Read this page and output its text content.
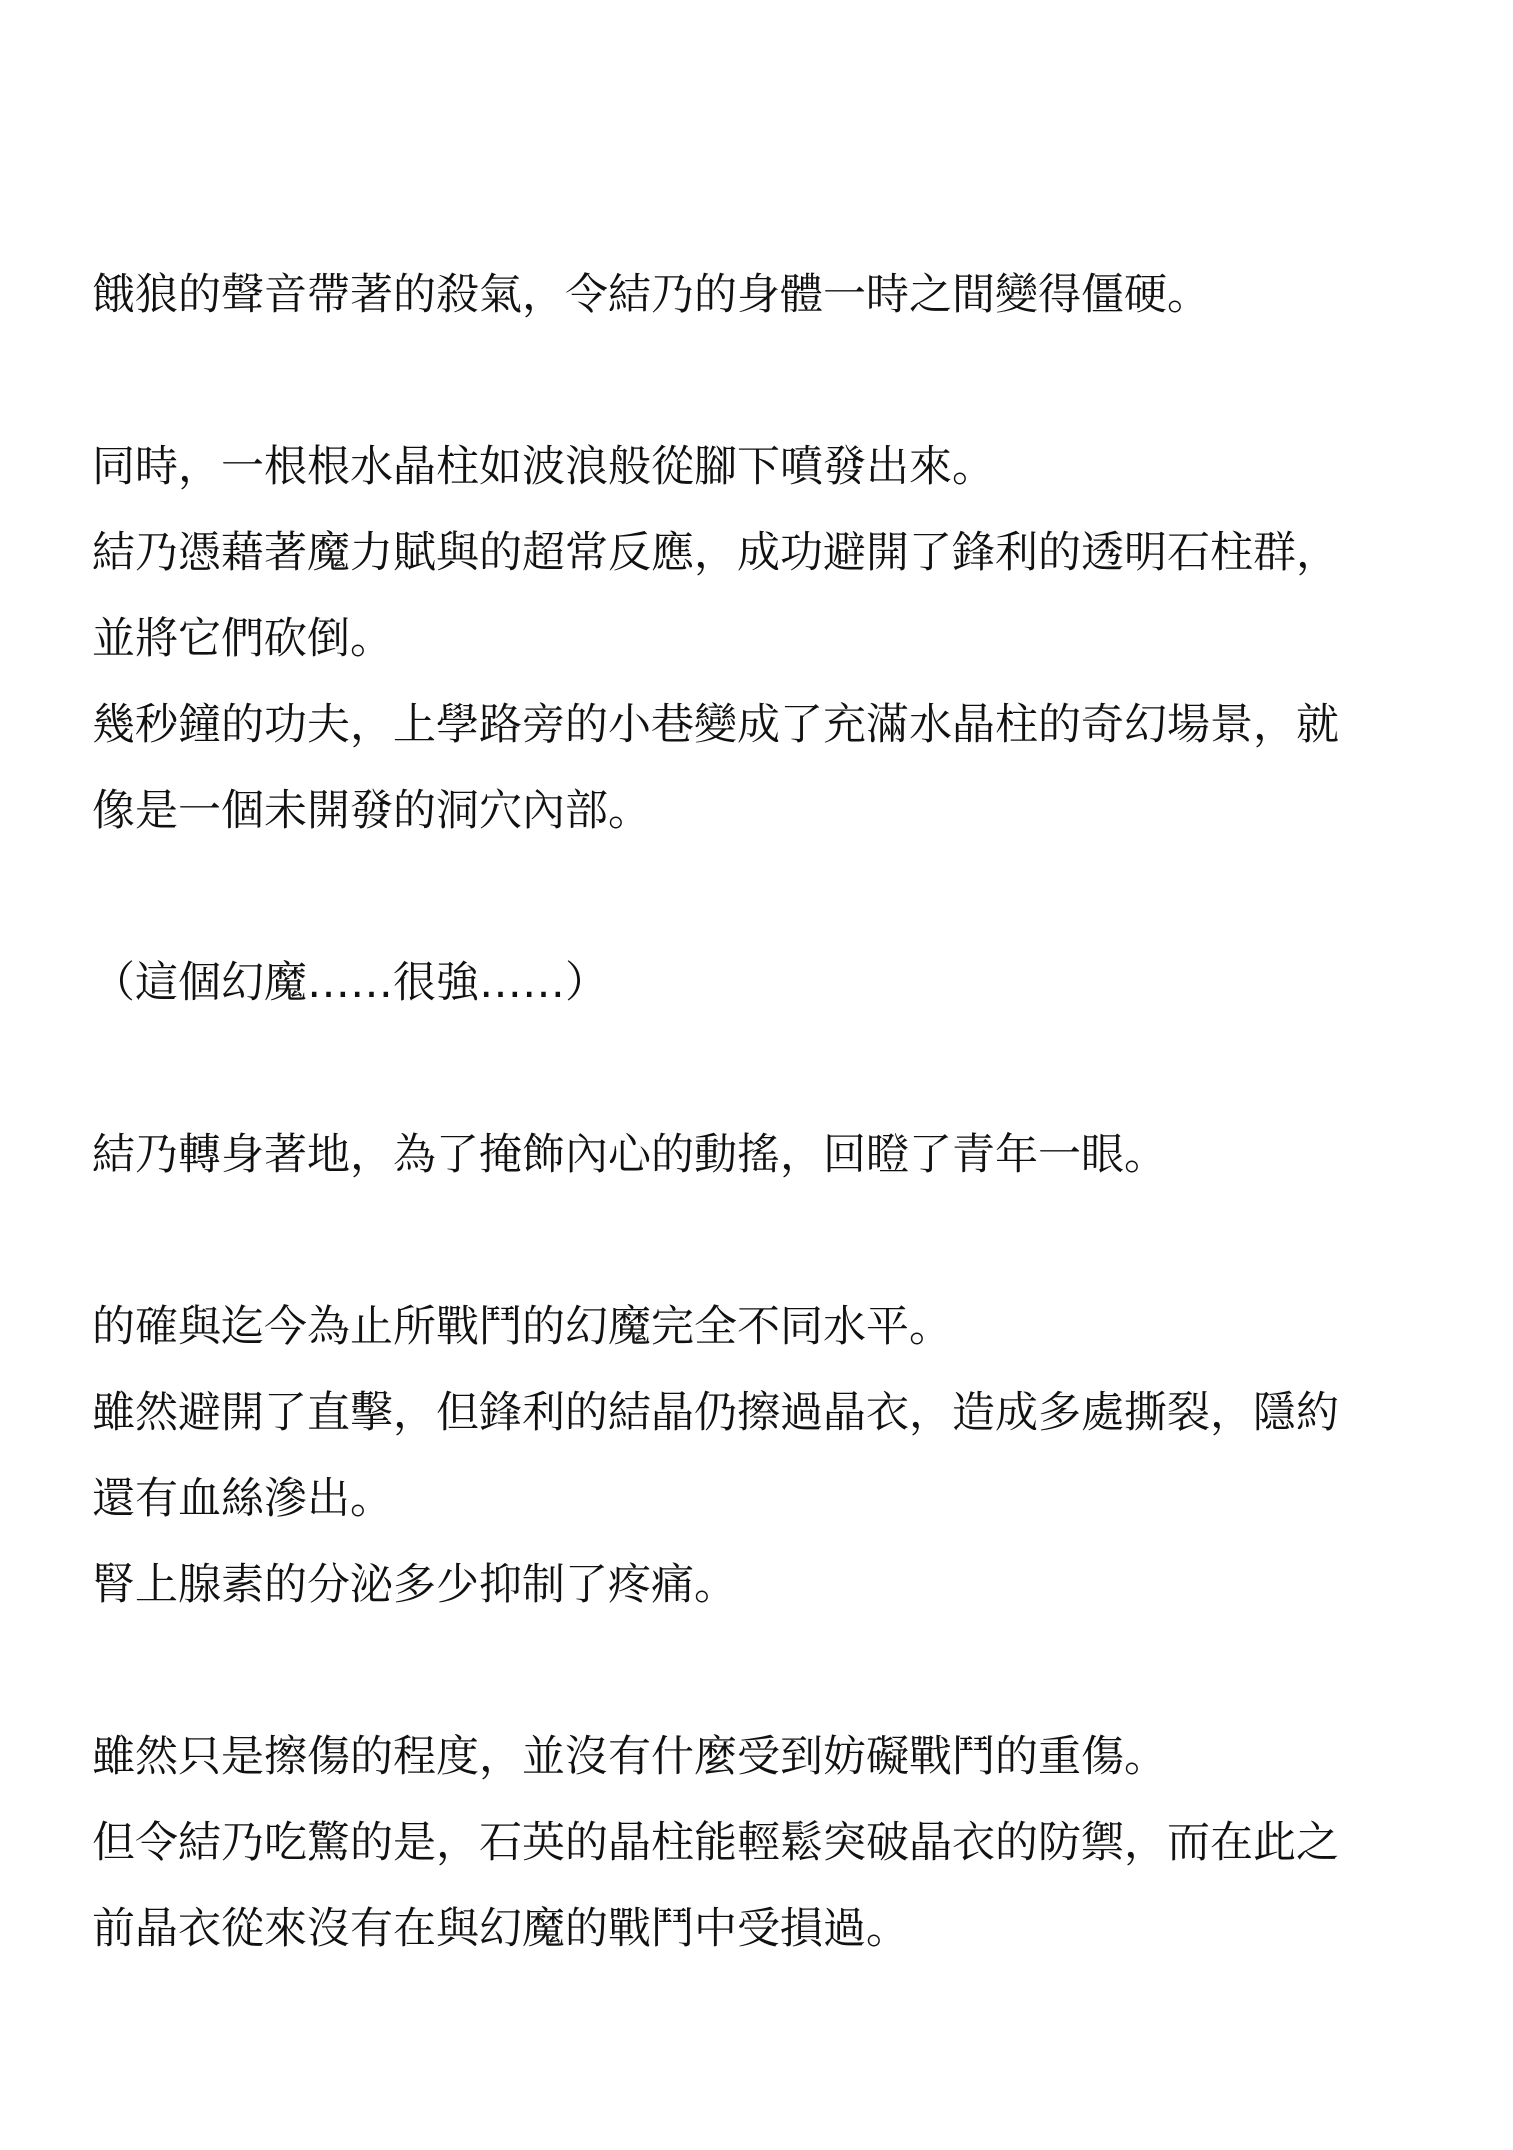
餓狼的聲音帶著的殺氣，令結乃的身體一時之間變得僵硬。
同時，一根根水晶柱如波浪般從腳下噴發出來。
結乃憑藉著魔力賦與的超常反應，成功避開了鋒利的透明石柱群，
並將它們砍倒。
幾秒鐘的功夫，上學路旁的小巷變成了充滿水晶柱的奇幻場景，就
像是一個未開發的洞穴內部。
（這個幻魔……很強……）
結乃轉身著地，為了掩飾內心的動搖，回瞪了青年一眼。
的確與迄今為止所戰鬥的幻魔完全不同水平。
雖然避開了直擊，但鋒利的結晶仍擦過晶衣，造成多處撕裂，隱約
還有血絲滲出。
腎上腺素的分泌多少抑制了疼痛。
雖然只是擦傷的程度，並沒有什麼受到妨礙戰鬥的重傷。
但令結乃吃驚的是，石英的晶柱能輕鬆突破晶衣的防禦，而在此之
前晶衣從來沒有在與幻魔的戰鬥中受損過。
